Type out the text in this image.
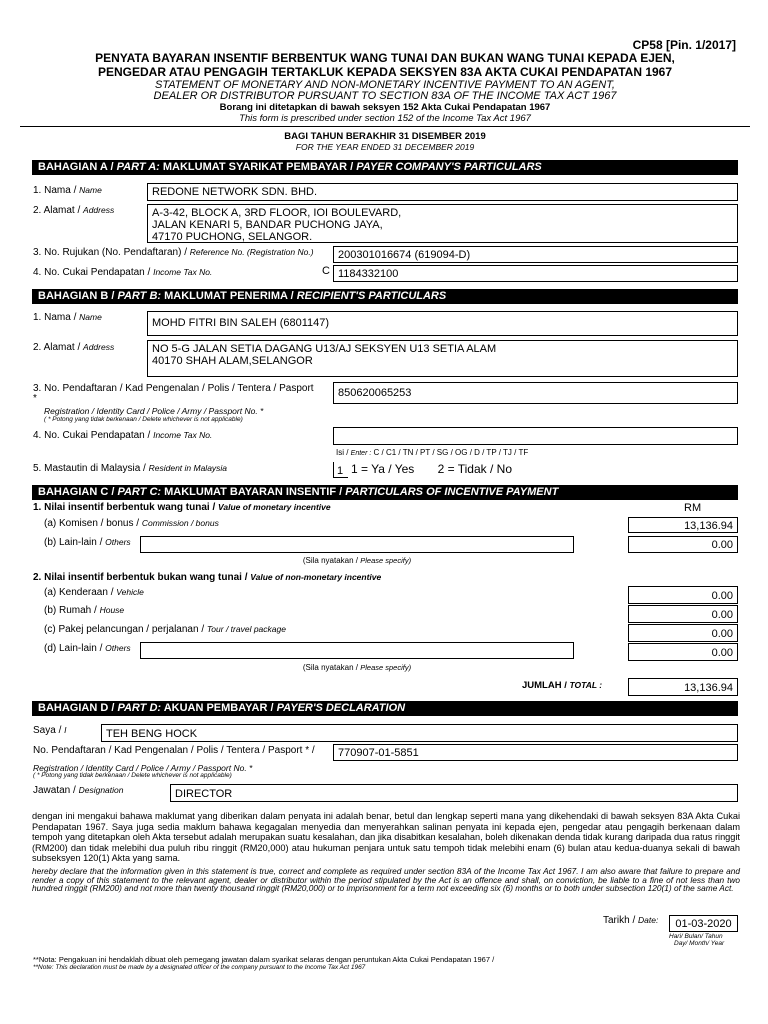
CP58 [Pin. 1/2017]
PENYATA BAYARAN INSENTIF BERBENTUK WANG TUNAI DAN BUKAN WANG TUNAI KEPADA EJEN,
PENGEDAR ATAU PENGAGIH TERTAKLUK KEPADA SEKSYEN 83A AKTA CUKAI PENDAPATAN 1967
STATEMENT OF MONETARY AND NON-MONETARY INCENTIVE PAYMENT TO AN AGENT,
DEALER OR DISTRIBUTOR PURSUANT TO SECTION 83A OF THE INCOME TAX ACT 1967
Borang ini ditetapkan di bawah seksyen 152 Akta Cukai Pendapatan 1967
This form is prescribed under section 152 of the Income Tax Act 1967
BAGI TAHUN BERAKHIR 31 DISEMBER 2019
FOR THE YEAR ENDED 31 DECEMBER 2019
BAHAGIAN A / PART A: MAKLUMAT SYARIKAT PEMBAYAR / PAYER COMPANY'S PARTICULARS
1. Nama / Name	REDONE NETWORK SDN. BHD.
2. Alamat / Address	A-3-42, BLOCK A, 3RD FLOOR, IOI BOULEVARD,
JALAN KENARI 5, BANDAR PUCHONG JAYA,
47170 PUCHONG, SELANGOR.
3. No. Rujukan (No. Pendaftaran) / Reference No. (Registration No.)	200301016674 (619094-D)
4. No. Cukai Pendapatan / Income Tax No.	C 1184332100
BAHAGIAN B / PART B: MAKLUMAT PENERIMA / RECIPIENT'S PARTICULARS
1. Nama / Name	MOHD FITRI BIN SALEH (6801147)
2. Alamat / Address	NO 5-G JALAN SETIA DAGANG U13/AJ SEKSYEN U13 SETIA ALAM
40170 SHAH ALAM,SELANGOR
3. No. Pendaftaran / Kad Pengenalan / Polis / Tentera / Pasport
*	850620065253
Registration / Identity Card / Police / Army / Passport No. *
( * Potong yang tidak berkenaan / Delete whichever is not applicable)
4. No. Cukai Pendapatan / Income Tax No.
Isi / Enter : C / C1 / TN / PT / SG / OG / D / TP / TJ / TF
5. Mastautin di Malaysia / Resident in Malaysia	1 1 = Ya / Yes       2 = Tidak / No
BAHAGIAN C / PART C: MAKLUMAT BAYARAN INSENTIF / PARTICULARS OF INCENTIVE PAYMENT
1. Nilai insentif berbentuk wang tunai / Value of monetary incentive	RM
(a) Komisen / bonus / Commission / bonus	13,136.94
(b) Lain-lain / Others	0.00
(Sila nyatakan / Please specify)
2. Nilai insentif berbentuk bukan wang tunai / Value of non-monetary incentive
(a) Kenderaan / Vehicle	0.00
(b) Rumah / House	0.00
(c) Pakej pelancungan / perjalanan / Tour / travel package	0.00
(d) Lain-lain / Others	0.00
(Sila nyatakan / Please specify)
JUMLAH / TOTAL :	13,136.94
BAHAGIAN D / PART D: AKUAN PEMBAYAR / PAYER'S DECLARATION
Saya / I	TEH BENG HOCK
No. Pendaftaran / Kad Pengenalan / Polis / Tentera / Pasport * /	770907-01-5851
Registration / Identity Card / Police / Army / Passport No. *
( * Potong yang tidak berkenaan / Delete whichever is not applicable)
Jawatan / Designation	DIRECTOR
dengan ini mengakui bahawa maklumat yang diberikan dalam penyata ini adalah benar, betul dan lengkap seperti mana yang dikehendaki di bawah seksyen 83A Akta Cukai Pendapatan 1967. Saya juga sedia maklum bahawa kegagalan menyedia dan menyerahkan salinan penyata ini kepada ejen, pengedar atau pengagih berkenaan dalam tempoh yang ditetapkan oleh Akta tersebut adalah merupakan suatu kesalahan, dan jika disabitkan kesalahan, boleh dikenakan denda tidak kurang daripada dua ratus ringgit (RM200) dan tidak melebihi dua puluh ribu ringgit (RM20,000) atau hukuman penjara untuk satu tempoh tidak melebihi enam (6) bulan atau kedua-duanya sekali di bawah subseksyen 120(1) Akta yang sama.
hereby declare that the information given in this statement is true, correct and complete as required under section 83A of the Income Tax Act 1967. I am also aware that failure to prepare and render a copy of this statement to the relevant agent, dealer or distributor within the period stipulated by the Act is an offence and shall, on conviction, be liable to a fine of not less than two hundred ringgit (RM200) and not more than twenty thousand ringgit (RM20,000) or to imprisonment for a term not exceeding six (6) months or to both under subsection 120(1) of the same Act.
Tarikh / Date:	01-03-2020
Hari/ Bulan/ Tahun
Day/ Month/ Year
**Nota: Pengakuan ini hendaklah dibuat oleh pemegang jawatan dalam syarikat selaras dengan peruntukan Akta Cukai Pendapatan 1967 /
**Note: This declaration must be made by a designated officer of the company pursuant to the Income Tax Act 1967
